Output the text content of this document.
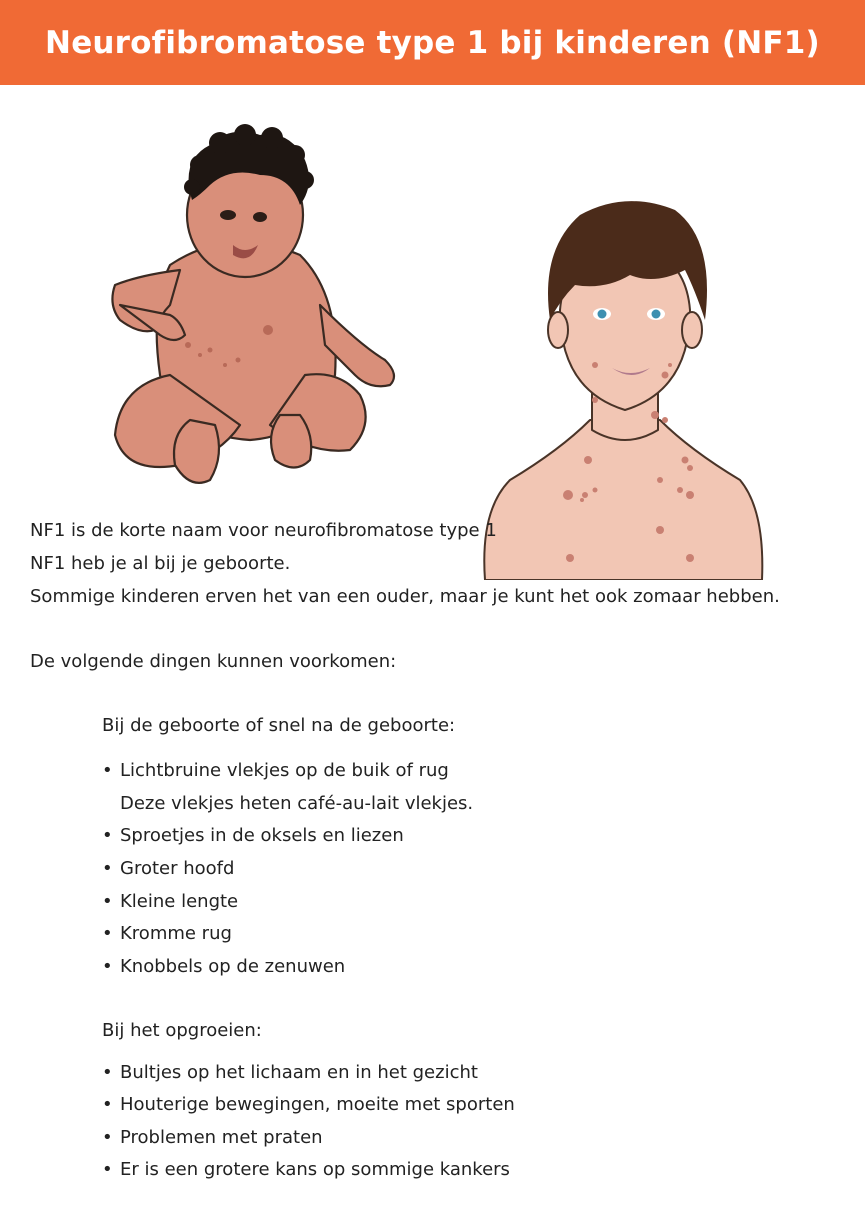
Neurofibromatose type 1 bij kinderen (NF1)
NF1 is de korte naam voor neurofibromatose type 1
NF1 heb je al bij je geboorte.
Sommige kinderen erven het van een ouder, maar je kunt het ook zomaar hebben.
De volgende dingen kunnen voorkomen:
Bij de geboorte of snel na de geboorte:
• Lichtbruine vlekjes op de buik of rug
Deze vlekjes heten café-au-lait vlekjes.
• Sproetjes in de oksels en liezen
• Groter hoofd
• Kleine lengte
• Kromme rug
• Knobbels op de zenuwen
Bij het opgroeien:
• Bultjes op het lichaam en in het gezicht
• Houterige bewegingen, moeite met sporten
• Problemen met praten
• Er is een grotere kans op sommige kankers
